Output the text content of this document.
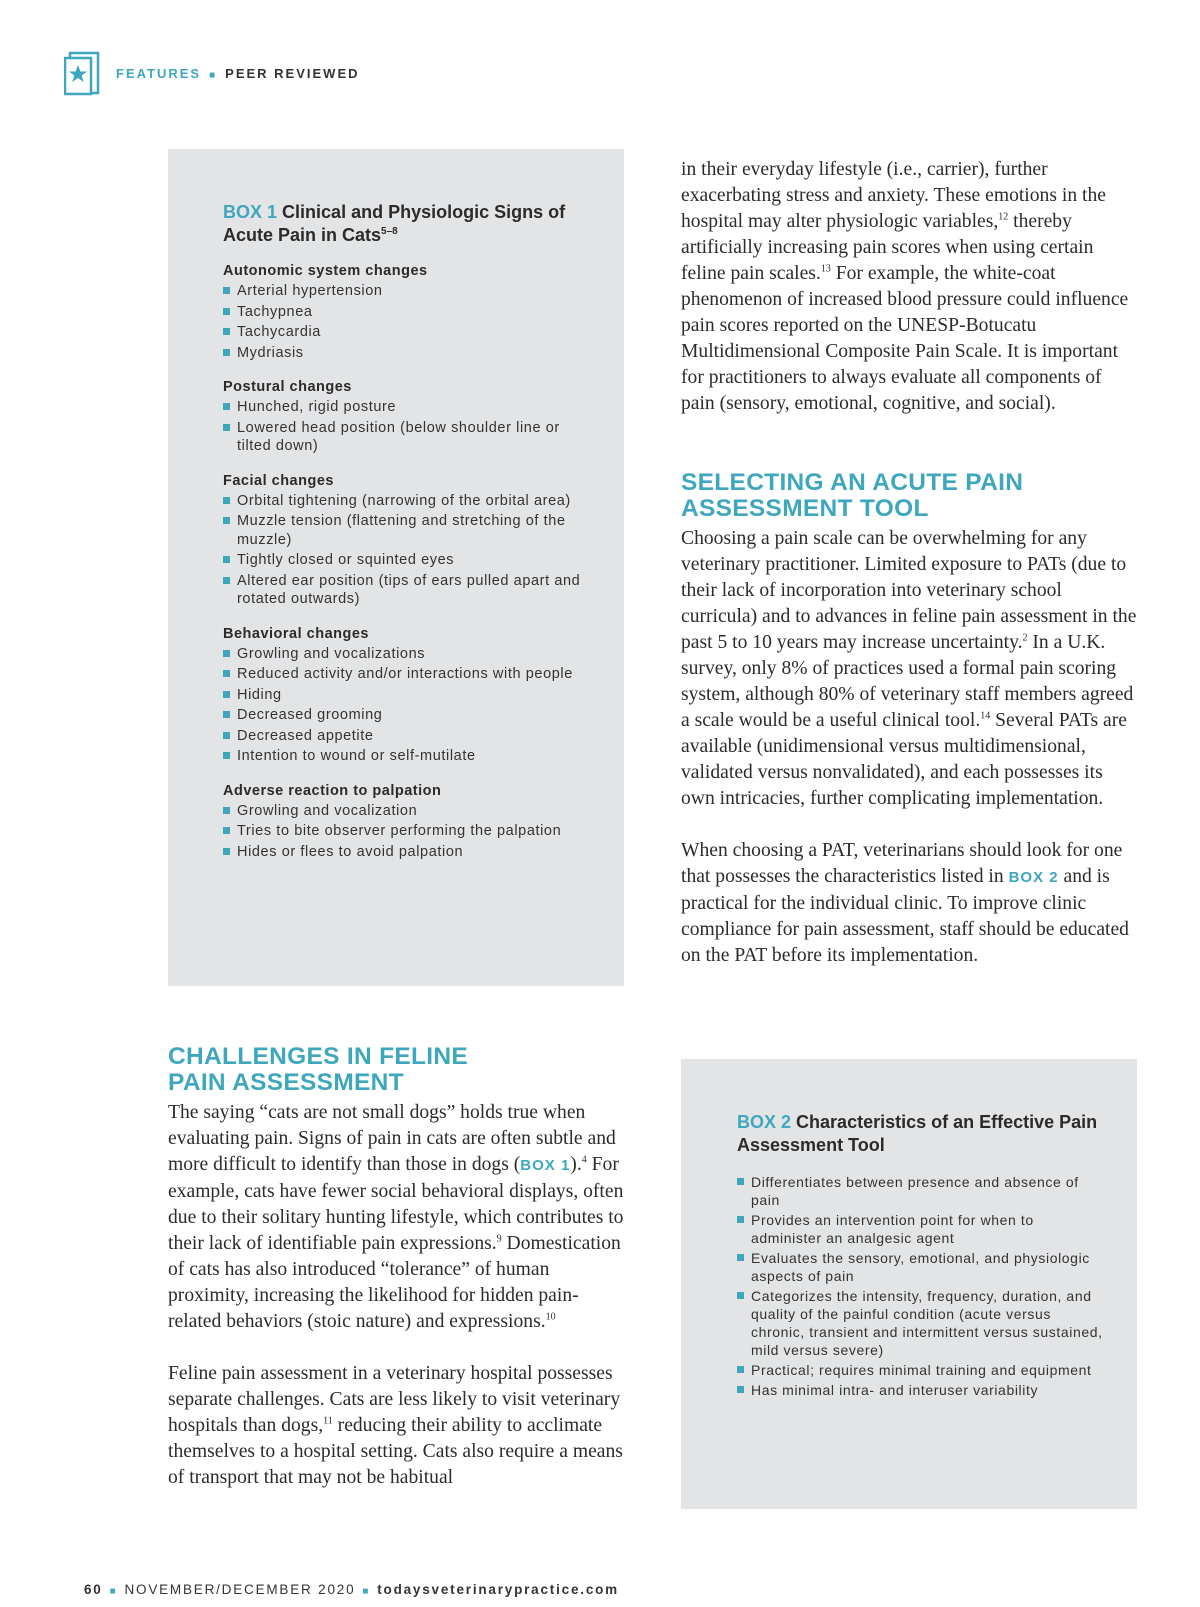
FEATURES ■ PEER REVIEWED
BOX 1 Clinical and Physiologic Signs of Acute Pain in Cats$^{5-8}$
Autonomic system changes
Arterial hypertension
Tachypnea
Tachycardia
Mydriasis
Postural changes
Hunched, rigid posture
Lowered head position (below shoulder line or tilted down)
Facial changes
Orbital tightening (narrowing of the orbital area)
Muzzle tension (flattening and stretching of the muzzle)
Tightly closed or squinted eyes
Altered ear position (tips of ears pulled apart and rotated outwards)
Behavioral changes
Growling and vocalizations
Reduced activity and/or interactions with people
Hiding
Decreased grooming
Decreased appetite
Intention to wound or self-mutilate
Adverse reaction to palpation
Growling and vocalization
Tries to bite observer performing the palpation
Hides or flees to avoid palpation
CHALLENGES IN FELINE
PAIN ASSESSMENT

The saying “cats are not small dogs” holds true when evaluating pain. Signs of pain in cats are often subtle and more difficult to identify than those in dogs (BOX 1).$^4$ For example, cats have fewer social behavioral displays, often due to their solitary hunting lifestyle, which contributes to their lack of identifiable pain expressions.$^9$ Domestication of cats has also introduced “tolerance” of human proximity, increasing the likelihood for hidden pain-related behaviors (stoic nature) and expressions.$^{10}$

Feline pain assessment in a veterinary hospital possesses separate challenges. Cats are less likely to visit veterinary hospitals than dogs,$^{11}$ reducing their ability to acclimate themselves to a hospital setting. Cats also require a means of transport that may not be habitual

in their everyday lifestyle (i.e., carrier), further exacerbating stress and anxiety. These emotions in the hospital may alter physiologic variables,$^{12}$ thereby artificially increasing pain scores when using certain feline pain scales.$^{13}$ For example, the white-coat phenomenon of increased blood pressure could influence pain scores reported on the UNESP-Botucatu Multidimensional Composite Pain Scale. It is important for practitioners to always evaluate all components of pain (sensory, emotional, cognitive, and social).

SELECTING AN ACUTE PAIN
ASSESSMENT TOOL

Choosing a pain scale can be overwhelming for any veterinary practitioner. Limited exposure to PATs (due to their lack of incorporation into veterinary school curricula) and to advances in feline pain assessment in the past 5 to 10 years may increase uncertainty.$^2$ In a U.K. survey, only 8% of practices used a formal pain scoring system, although 80% of veterinary staff members agreed a scale would be a useful clinical tool.$^{14}$ Several PATs are available (unidimensional versus multidimensional, validated versus nonvalidated), and each possesses its own intricacies, further complicating implementation.

When choosing a PAT, veterinarians should look for one that possesses the characteristics listed in BOX 2 and is practical for the individual clinic. To improve clinic compliance for pain assessment, staff should be educated on the PAT before its implementation.

BOX 2 Characteristics of an Effective Pain Assessment Tool
Differentiates between presence and absence of pain
Provides an intervention point for when to administer an analgesic agent
Evaluates the sensory, emotional, and physiologic aspects of pain
Categorizes the intensity, frequency, duration, and quality of the painful condition (acute versus chronic, transient and intermittent versus sustained, mild versus severe)
Practical; requires minimal training and equipment
Has minimal intra- and interuser variability
60 ■ NOVEMBER/DECEMBER 2020 ■ todaysveterinarypractice.com
